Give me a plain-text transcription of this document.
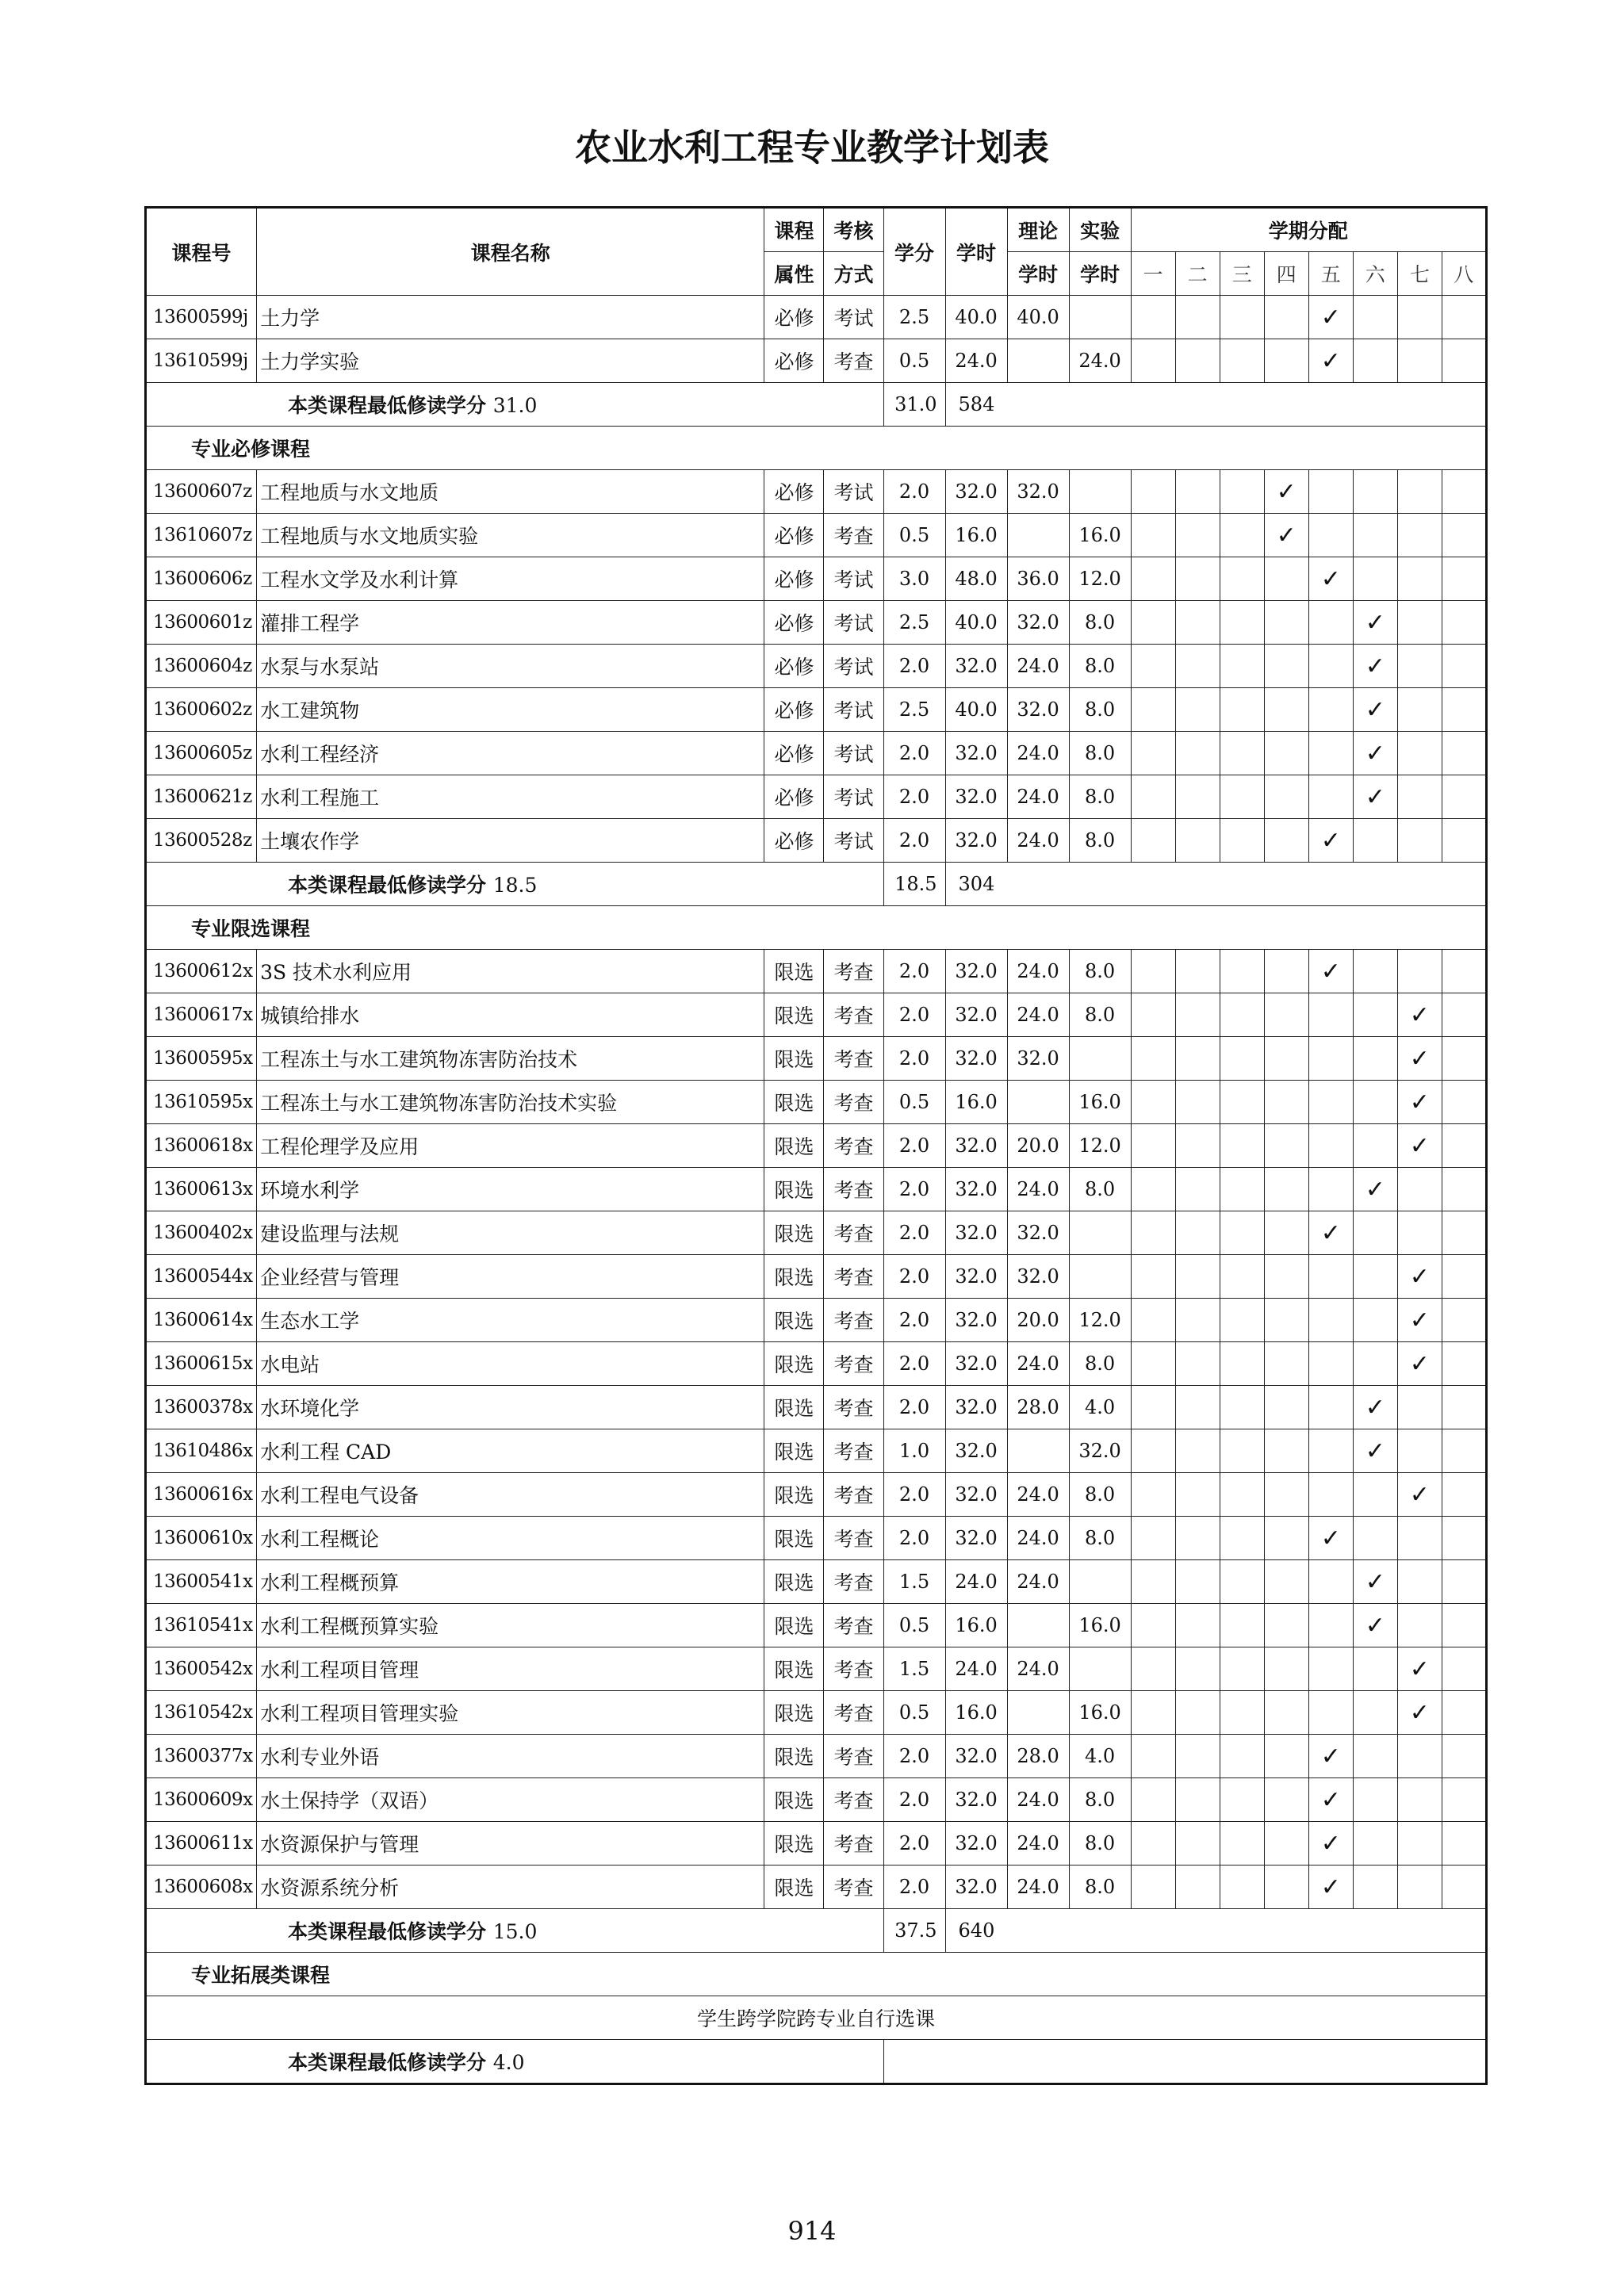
农业水利工程专业教学计划表
课程号	课程名称	课程	考核	学分	学时	理论	实验	学期分配							
		属性	方式			学时	学时	一	二	三	四	五	六	七	八
13600599j	土力学	必修	考试	2.5	40.0	40.0						✓			
13610599j	土力学实验	必修	考查	0.5	24.0		24.0					✓			
本类课程最低修读学分 31.0				31.0	584										
专业必修课程															
13600607z	工程地质与水文地质	必修	考试	2.0	32.0	32.0					✓				
13610607z	工程地质与水文地质实验	必修	考查	0.5	16.0		16.0				✓				
13600606z	工程水文学及水利计算	必修	考试	3.0	48.0	36.0	12.0					✓			
13600601z	灌排工程学	必修	考试	2.5	40.0	32.0	8.0						✓		
13600604z	水泵与水泵站	必修	考试	2.0	32.0	24.0	8.0						✓		
13600602z	水工建筑物	必修	考试	2.5	40.0	32.0	8.0						✓		
13600605z	水利工程经济	必修	考试	2.0	32.0	24.0	8.0						✓		
13600621z	水利工程施工	必修	考试	2.0	32.0	24.0	8.0						✓		
13600528z	土壤农作学	必修	考试	2.0	32.0	24.0	8.0					✓			
本类课程最低修读学分 18.5				18.5	304										
专业限选课程															
13600612x	3S 技术水利应用	限选	考查	2.0	32.0	24.0	8.0					✓			
13600617x	城镇给排水	限选	考查	2.0	32.0	24.0	8.0							✓	
13600595x	工程冻土与水工建筑物冻害防治技术	限选	考查	2.0	32.0	32.0								✓	
13610595x	工程冻土与水工建筑物冻害防治技术实验	限选	考查	0.5	16.0		16.0							✓	
13600618x	工程伦理学及应用	限选	考查	2.0	32.0	20.0	12.0							✓	
13600613x	环境水利学	限选	考查	2.0	32.0	24.0	8.0						✓		
13600402x	建设监理与法规	限选	考查	2.0	32.0	32.0						✓			
13600544x	企业经营与管理	限选	考查	2.0	32.0	32.0								✓	
13600614x	生态水工学	限选	考查	2.0	32.0	20.0	12.0							✓	
13600615x	水电站	限选	考查	2.0	32.0	24.0	8.0							✓	
13600378x	水环境化学	限选	考查	2.0	32.0	28.0	4.0						✓		
13610486x	水利工程 CAD	限选	考查	1.0	32.0		32.0						✓		
13600616x	水利工程电气设备	限选	考查	2.0	32.0	24.0	8.0							✓	
13600610x	水利工程概论	限选	考查	2.0	32.0	24.0	8.0					✓			
13600541x	水利工程概预算	限选	考查	1.5	24.0	24.0							✓		
13610541x	水利工程概预算实验	限选	考查	0.5	16.0		16.0						✓		
13600542x	水利工程项目管理	限选	考查	1.5	24.0	24.0								✓	
13610542x	水利工程项目管理实验	限选	考查	0.5	16.0		16.0							✓	
13600377x	水利专业外语	限选	考查	2.0	32.0	28.0	4.0					✓			
13600609x	水土保持学（双语）	限选	考查	2.0	32.0	24.0	8.0					✓			
13600611x	水资源保护与管理	限选	考查	2.0	32.0	24.0	8.0					✓			
13600608x	水资源系统分析	限选	考查	2.0	32.0	24.0	8.0					✓			
本类课程最低修读学分 15.0				37.5	640										
专业拓展类课程															
学生跨学院跨专业自行选课															
本类课程最低修读学分 4.0															
914
